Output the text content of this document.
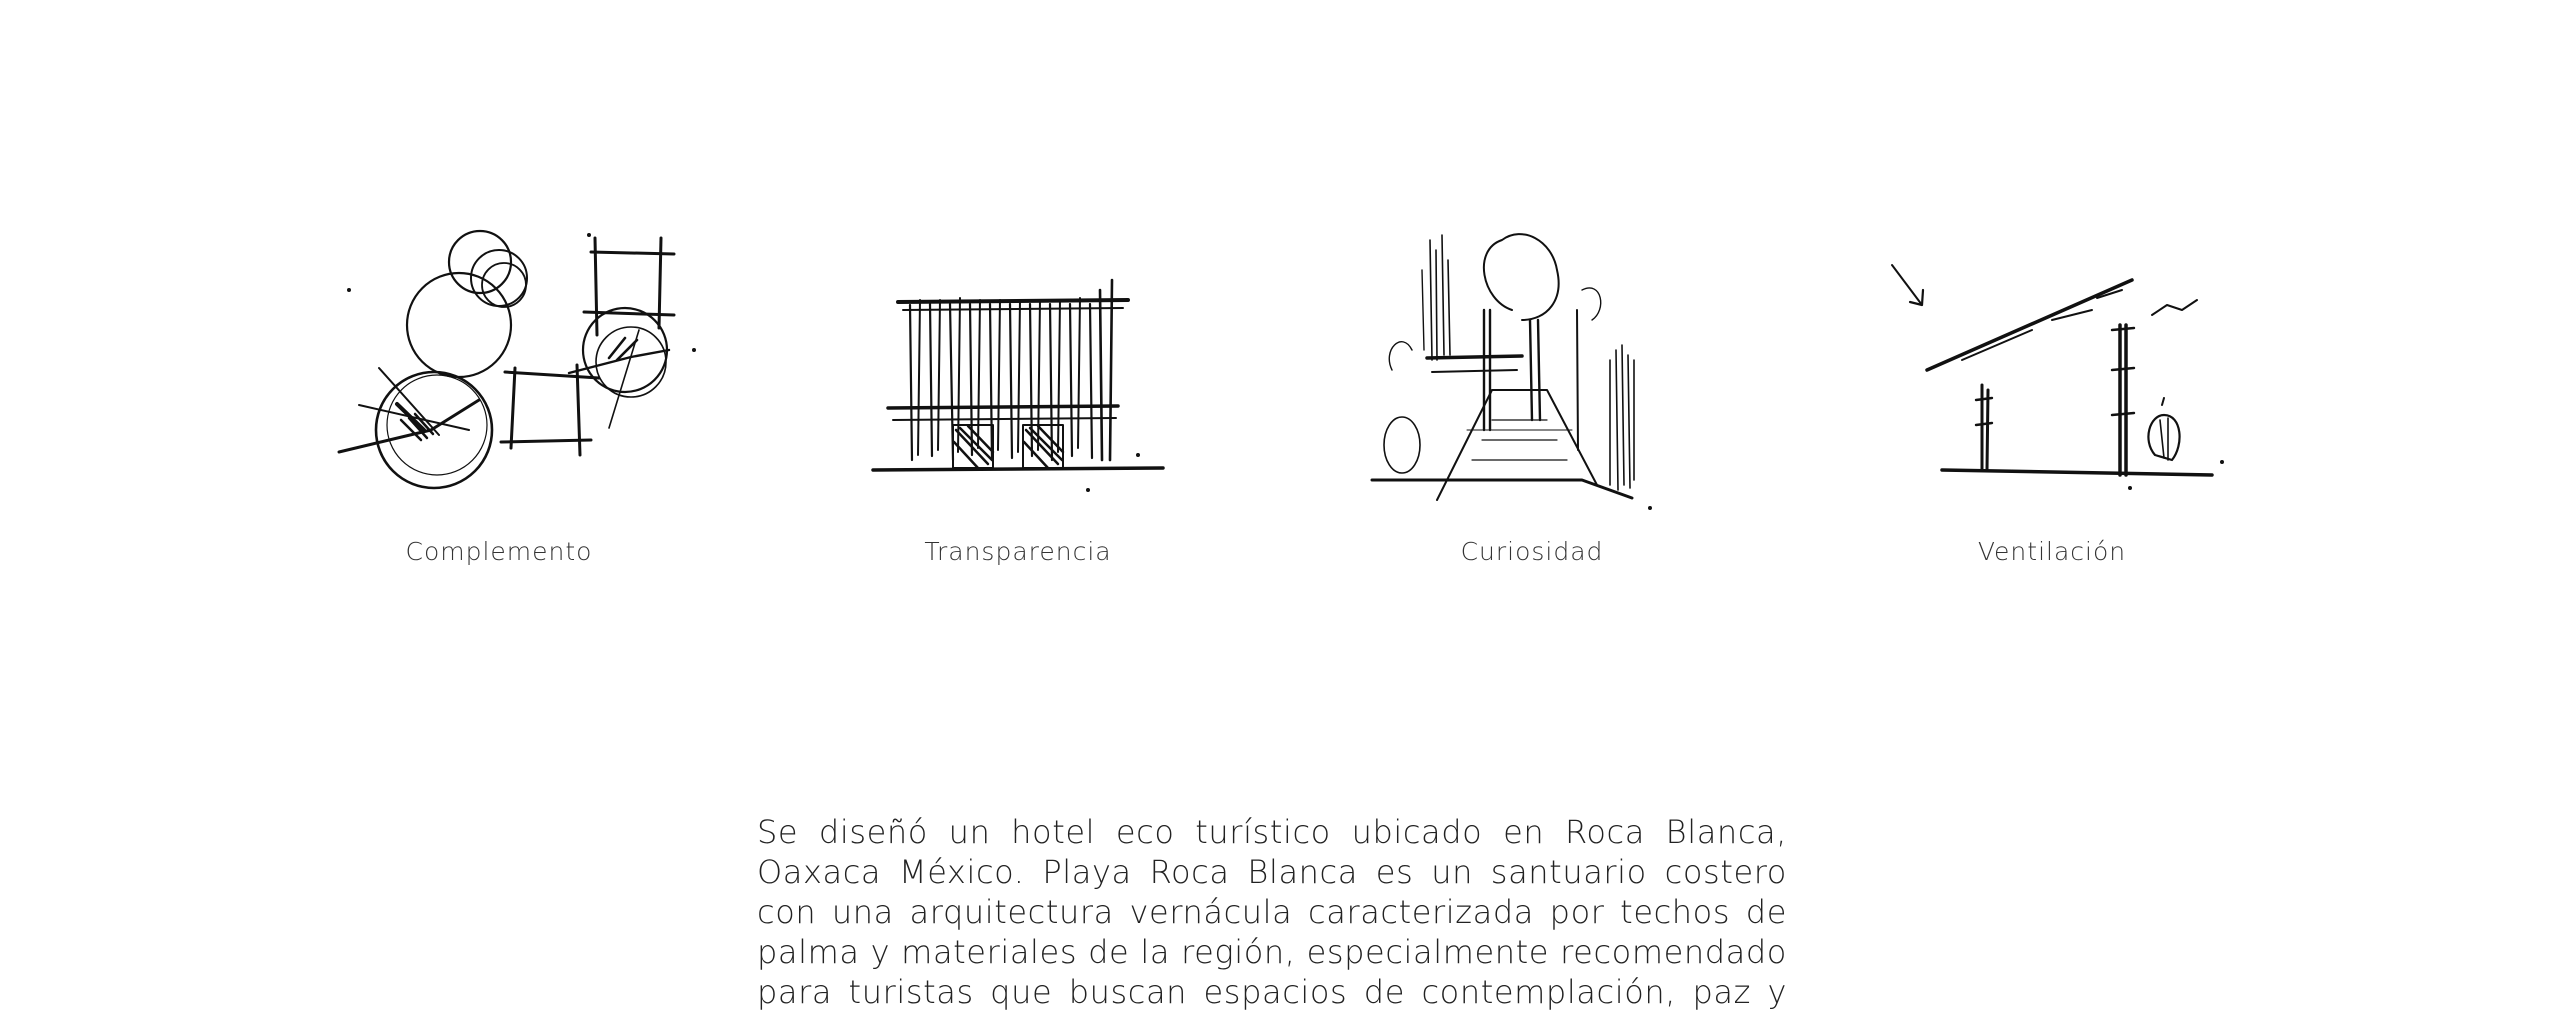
Complemento	Transparencia	Curiosidad	Ventilación
Se diseñó un hotel eco turístico ubicado en Roca Blanca,
Oaxaca México. Playa Roca Blanca es un santuario costero
con una arquitectura vernácula caracterizada por techos de
palma y materiales de la región, especialmente recomendado
para turistas que buscan espacios de contemplación, paz y
